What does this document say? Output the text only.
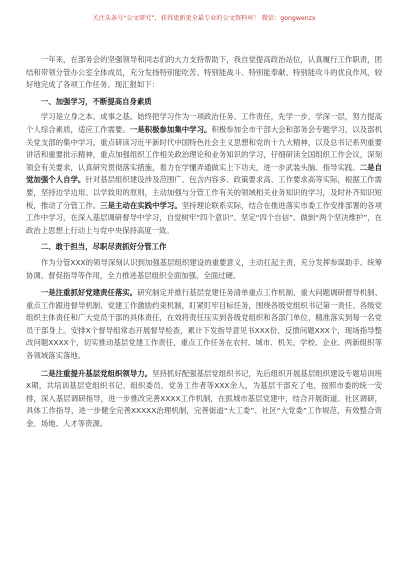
关注头条号“公文研究”，获得更新更全最专业的公文资料库！ 微信：gongwenzx

一年来，在部务会的坚强领导和同志们的大力支持帮助下，我自觉提高政治站位，认真履行工作职责，团结和带领分管办公室全体成员，充分发扬特别能吃苦、特别能战斗、特别能奉献、特别能攻斗的优良作风，较好地完成了各项工作任务。现汇报如下：

一、加强学习，不断提高自身素质

学习是立身之本、成事之基。始终把学习作为一项政治任务、工作责任，先学一步、学深一层，努力提高个人综合素质，适应工作需要。一是积极参加集中学习。积极参加全市干部大会和部务会专题学习，以及部机关党支部的集中学习，重点研读习近平新时代中国特色社会主义思想和党的十九大精神，以及总书记系列重要讲话和重要批示精神，重点加强组织工作相关政治理论和业务知识的学习，仔细研读全国组织工作会议，深刻领会有关要求，认真研究贯彻落实措施，着力在学懂弄通做实上下功夫，进一步武装头脑、指导实践。二是自觉加强个人自学。针对基层组织建设涉及范围广、包含内容多、政策要求高、工作要求高等实际，根据工作需要，坚持边学边用、以学致用的原则，主动加强与分管工作有关的领域相关业务知识的学习，及时补齐知识短板，推动了分管工作。三是主动在实践中学习。坚持理论联系实际，结合在推进落实市委工作安排部署的各项工作中学习，在深入基层调研督导中学习，自觉树牢“四个意识”、坚定“四个自信”、做到“两个坚决维护”，在政治上思想上行动上与党中央保持高度一致。

二、敢于担当，尽职尽责抓好分管工作

作为分管XXX的领导深刻认识到加强基层组织建设的重要意义，主动扛起主责，充分发挥参谋助手、统筹协调、督促指导等作用，全力推进基层组织全面加强、全面过硬。

一是注重抓好党建责任落实。研究制定并推行基层党建任务清单重点工作机制、重大问题调研督导机制、重点工作跟进督导机制、党建工作激励约束机制，盯紧盯牢目标任务，围绕各级党组织书记第一责任、各级党组织主体责任和广大党员干部的具体责任，在效将责任压实到各级党组织和各部门单位，精准落实到每一名党员干部身上。安排X个督导组常态开展督导检查，累计下发指导意见书XXX份、反馈问题XXX个，现场指导整改问题XXXX个，切实推动基层党建工作责任，重点工作任务在农村、城市、机关、学校、企业、两新组织等各领域落实落地。

二是注重提升基层党组织领导力。坚持抓好配强基层党组织书记，先后组织开展基层组织建设专题培训班X期，共培训基层党组织书记、组织委员、党务工作者等XXX余人，为基层干部充了电，按照市委的统一安排，深入基层调研指导，进一步推改完善XXXX工作机制，在抓城市基层党建中，结合开展街道、社区调研，具体工作指导，进一步健全完善XXXXX治理机制，完善街道“大工委”、社区“大党委”工作规范，有效整合资金、场地、人才等资源。
